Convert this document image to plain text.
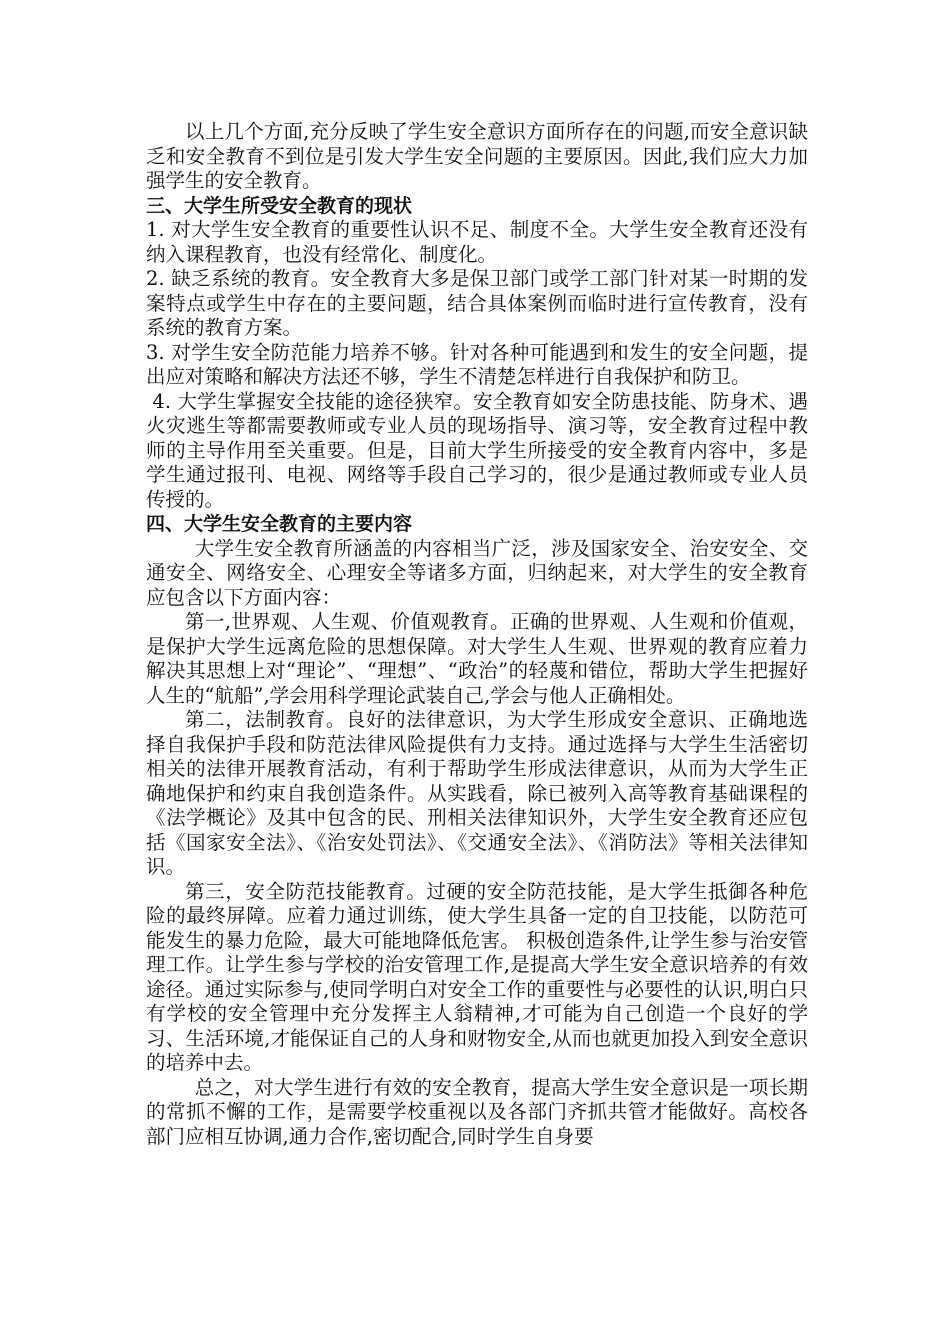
以上几个方面,充分反映了学生安全意识方面所存在的问题,而安全意识缺乏和安全教育不到位是引发大学生安全问题的主要原因。因此,我们应大力加强学生的安全教育。

三、大学生所受安全教育的现状

1. 对大学生安全教育的重要性认识不足、制度不全。大学生安全教育还没有纳入课程教育，也没有经常化、制度化。

2. 缺乏系统的教育。安全教育大多是保卫部门或学工部门针对某一时期的发案特点或学生中存在的主要问题，结合具体案例而临时进行宣传教育，没有系统的教育方案。

3. 对学生安全防范能力培养不够。针对各种可能遇到和发生的安全问题，提出应对策略和解决方法还不够，学生不清楚怎样进行自我保护和防卫。

4. 大学生掌握安全技能的途径狭窄。安全教育如安全防患技能、防身术、遇火灾逃生等都需要教师或专业人员的现场指导、演习等，安全教育过程中教师的主导作用至关重要。但是，目前大学生所接受的安全教育内容中，多是学生通过报刊、电视、网络等手段自己学习的，很少是通过教师或专业人员传授的。

四、大学生安全教育的主要内容

大学生安全教育所涵盖的内容相当广泛，涉及国家安全、治安安全、交通安全、网络安全、心理安全等诸多方面，归纳起来，对大学生的安全教育应包含以下方面内容：

第一,世界观、人生观、价值观教育。正确的世界观、人生观和价值观，是保护大学生远离危险的思想保障。对大学生人生观、世界观的教育应着力解决其思想上对“理论”、“理想”、“政治”的轻蔑和错位，帮助大学生把握好人生的“航船”,学会用科学理论武装自己,学会与他人正确相处。

第二，法制教育。良好的法律意识，为大学生形成安全意识、正确地选择自我保护手段和防范法律风险提供有力支持。通过选择与大学生生活密切相关的法律开展教育活动，有利于帮助学生形成法律意识，从而为大学生正确地保护和约束自我创造条件。从实践看，除已被列入高等教育基础课程的《法学概论》及其中包含的民、刑相关法律知识外，大学生安全教育还应包括《国家安全法》、《治安处罚法》、《交通安全法》、《消防法》等相关法律知识。

第三，安全防范技能教育。过硬的安全防范技能，是大学生抵御各种危险的最终屏障。应着力通过训练，使大学生具备一定的自卫技能，以防范可能发生的暴力危险，最大可能地降低危害。 积极创造条件,让学生参与治安管理工作。让学生参与学校的治安管理工作,是提高大学生安全意识培养的有效途径。通过实际参与,使同学明白对安全工作的重要性与必要性的认识,明白只有学校的安全管理中充分发挥主人翁精神,才可能为自己创造一个良好的学习、生活环境,才能保证自己的人身和财物安全,从而也就更加投入到安全意识的培养中去。

总之，对大学生进行有效的安全教育，提高大学生安全意识是一项长期的常抓不懈的工作，是需要学校重视以及各部门齐抓共管才能做好。高校各部门应相互协调,通力合作,密切配合,同时学生自身要
